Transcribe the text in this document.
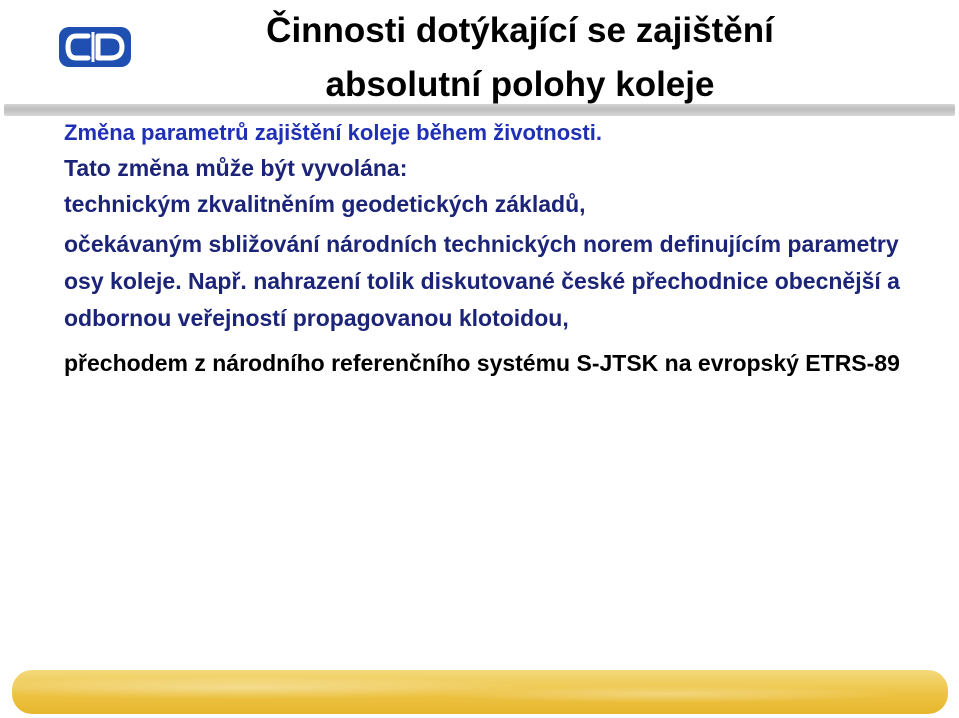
Činnosti dotýkající se zajištění
absolutní polohy koleje
Změna parametrů zajištění koleje během životnosti.

Tato změna může být vyvolána:

technickým zkvalitněním geodetických základů,

očekávaným sbližování národních technických norem definujícím parametry osy koleje. Např. nahrazení tolik diskutované české přechodnice obecnější a odbornou veřejností propagovanou klotoidou,

přechodem z národního referenčního systému S-JTSK na evropský ETRS-89
